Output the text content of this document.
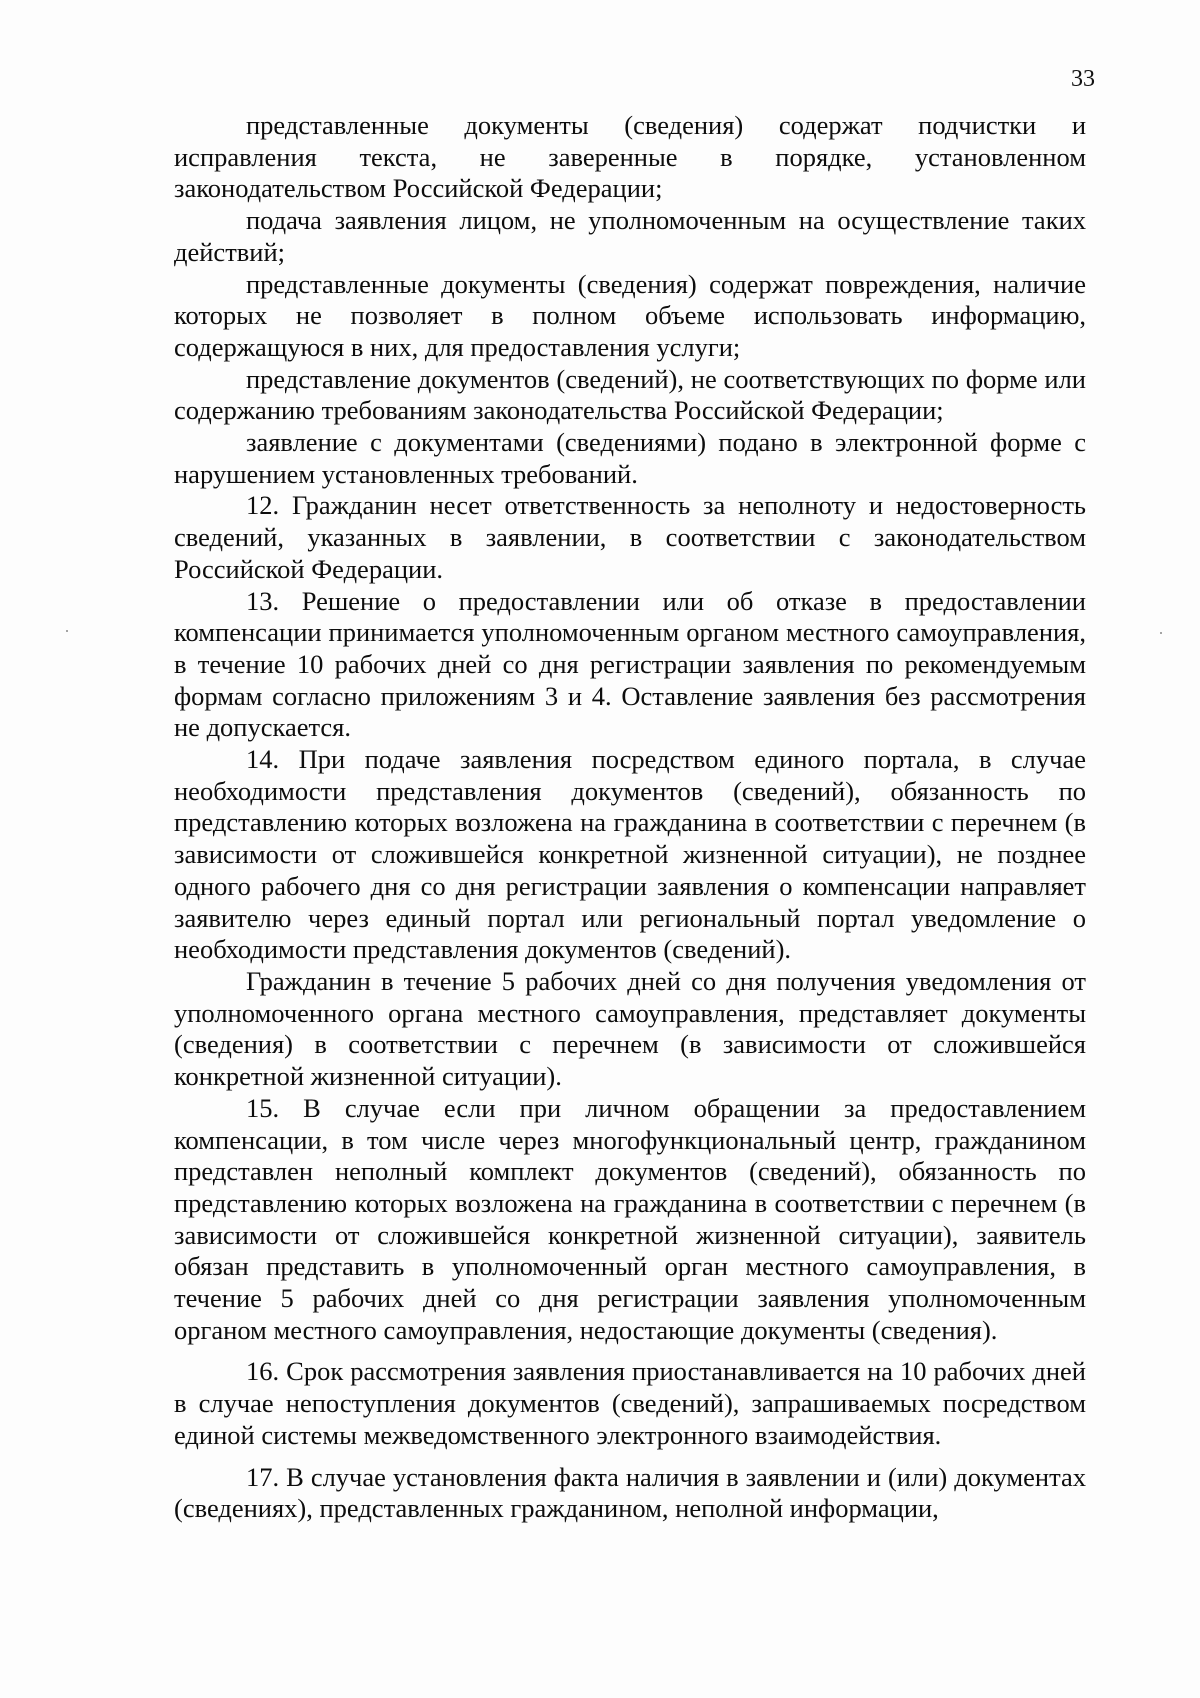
33

представленные документы (сведения) содержат подчистки и исправления текста, не заверенные в порядке, установленном законодательством Российской Федерации;

подача заявления лицом, не уполномоченным на осуществление таких действий;

представленные документы (сведения) содержат повреждения, наличие которых не позволяет в полном объеме использовать информацию, содержащуюся в них, для предоставления услуги;

представление документов (сведений), не соответствующих по форме или содержанию требованиям законодательства Российской Федерации;

заявление с документами (сведениями) подано в электронной форме с нарушением установленных требований.

12. Гражданин несет ответственность за неполноту и недостоверность сведений, указанных в заявлении, в соответствии с законодательством Российской Федерации.

13. Решение о предоставлении или об отказе в предоставлении компенсации принимается уполномоченным органом местного самоуправления, в течение 10 рабочих дней со дня регистрации заявления по рекомендуемым формам согласно приложениям 3 и 4. Оставление заявления без рассмотрения не допускается.

14. При подаче заявления посредством единого портала, в случае необходимости представления документов (сведений), обязанность по представлению которых возложена на гражданина в соответствии с перечнем (в зависимости от сложившейся конкретной жизненной ситуации), не позднее одного рабочего дня со дня регистрации заявления о компенсации направляет заявителю через единый портал или региональный портал уведомление о необходимости представления документов (сведений).

Гражданин в течение 5 рабочих дней со дня получения уведомления от уполномоченного органа местного самоуправления, представляет документы (сведения) в соответствии с перечнем (в зависимости от сложившейся конкретной жизненной ситуации).

15. В случае если при личном обращении за предоставлением компенсации, в том числе через многофункциональный центр, гражданином представлен неполный комплект документов (сведений), обязанность по представлению которых возложена на гражданина в соответствии с перечнем (в зависимости от сложившейся конкретной жизненной ситуации), заявитель обязан представить в уполномоченный орган местного самоуправления, в течение 5 рабочих дней со дня регистрации заявления уполномоченным органом местного самоуправления, недостающие документы (сведения).

16. Срок рассмотрения заявления приостанавливается на 10 рабочих дней в случае непоступления документов (сведений), запрашиваемых посредством единой системы межведомственного электронного взаимодействия.

17. В случае установления факта наличия в заявлении и (или) документах (сведениях), представленных гражданином, неполной информации,
